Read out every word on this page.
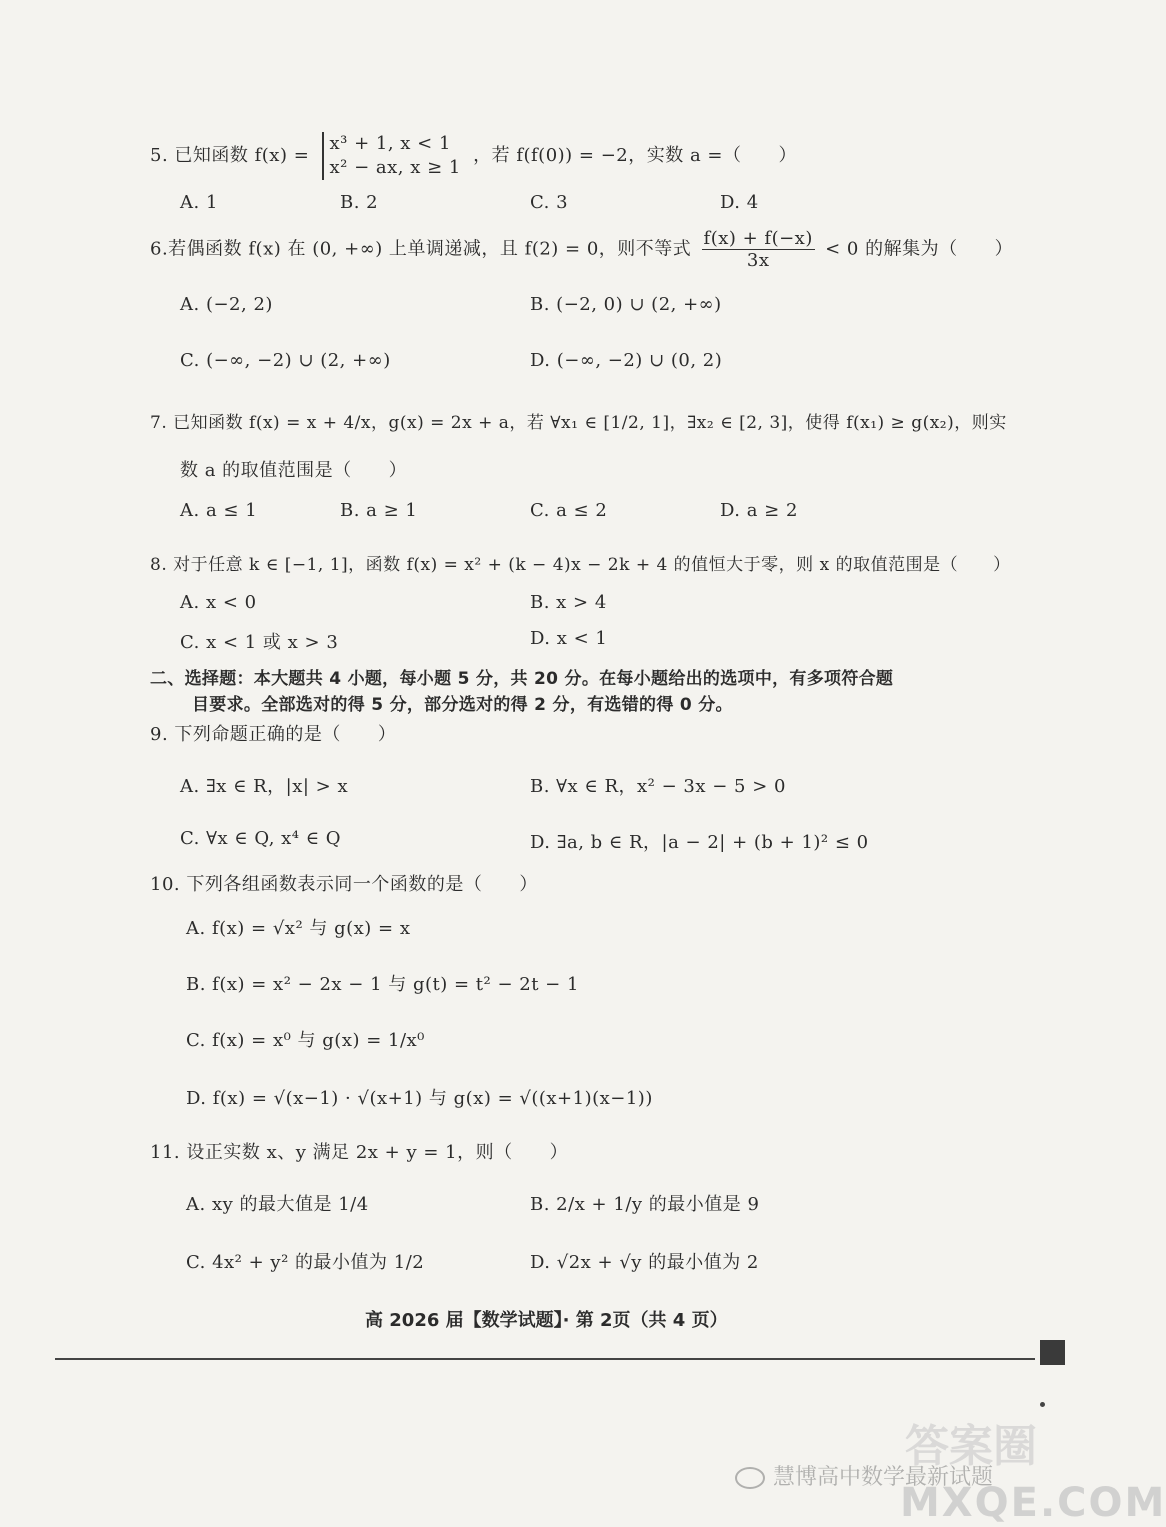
5. 已知函数 f(x) =
x³ + 1, x < 1
x² − ax, x ≥ 1
，若 f(f(0)) = −2，实数 a =（　　）
A. 1	B. 2	C. 3	D. 4
6.若偶函数 f(x) 在 (0, +∞) 上单调递减，且 f(2) = 0，则不等式 $\frac{f(x) + f(-x)}{3x} < 0$ 的解集为（　　）
A. (−2, 2)	B. (−2, 0) ∪ (2, +∞)
C. (−∞, −2) ∪ (2, +∞)	D. (−∞, −2) ∪ (0, 2)
7. 已知函数 f(x) = x + 4/x，g(x) = 2x + a，若 ∀x₁ ∈ [1/2, 1]，∃x₂ ∈ [2, 3]，使得 f(x₁) ≥ g(x₂)，则实
数 a 的取值范围是（　　）
A. a ≤ 1	B. a ≥ 1	C. a ≤ 2	D. a ≥ 2
8. 对于任意 k ∈ [−1, 1]，函数 f(x) = x² + (k − 4)x − 2k + 4 的值恒大于零，则 x 的取值范围是（　　）
A. x < 0	B. x > 4
C. x < 1 或 x > 3	D. x < 1
二、选择题：本大题共 4 小题，每小题 5 分，共 20 分。在每小题给出的选项中，有多项符合题
目要求。全部选对的得 5 分，部分选对的得 2 分，有选错的得 0 分。
9. 下列命题正确的是（　　）
A. ∃x ∈ R，|x| > x	B. ∀x ∈ R，x² − 3x − 5 > 0
C. ∀x ∈ Q, x⁴ ∈ Q	D. ∃a, b ∈ R，|a − 2| + (b + 1)² ≤ 0
10. 下列各组函数表示同一个函数的是（　　）
A. f(x) = √x² 与 g(x) = x
B. f(x) = x² − 2x − 1 与 g(t) = t² − 2t − 1
C. f(x) = x⁰ 与 g(x) = 1/x⁰
D. f(x) = √(x−1) · √(x+1) 与 g(x) = √((x+1)(x−1))
11. 设正实数 x、y 满足 2x + y = 1，则（　　）
A. xy 的最大值是 1/4	B. 2/x + 1/y 的最小值是 9
C. 4x² + y² 的最小值为 1/2	D. √2x + √y 的最小值为 2
高 2026 届【数学试题】· 第 2页（共 4 页）
答案圈
慧博高中数学最新试题
MXQE.COM
